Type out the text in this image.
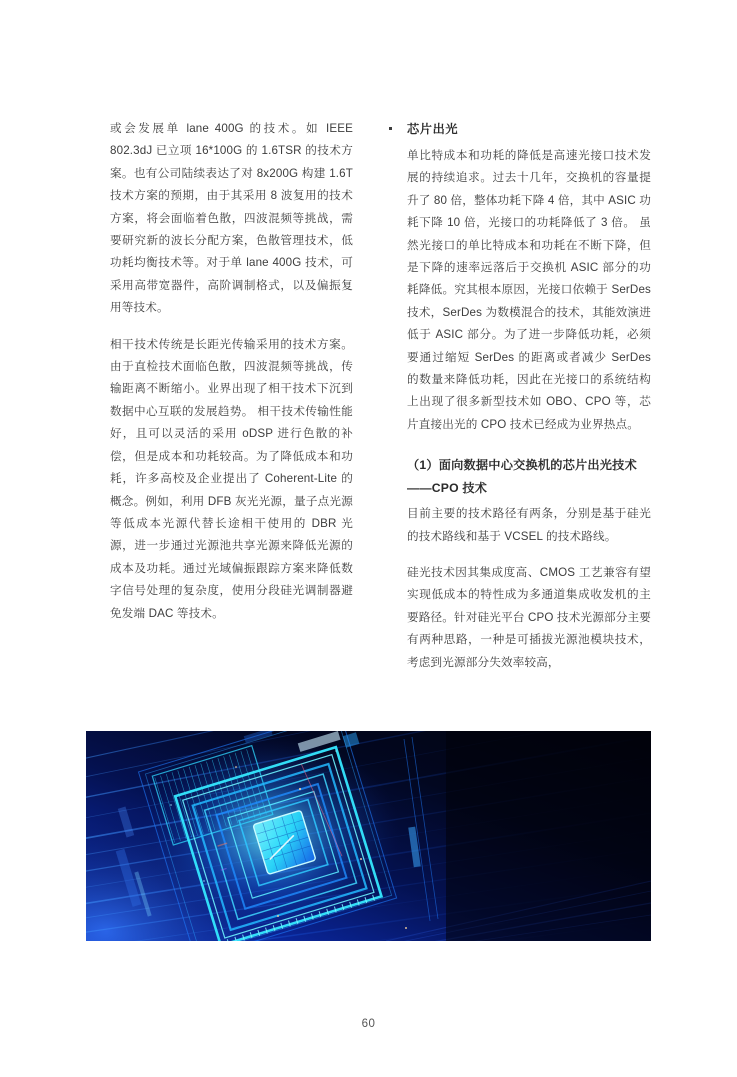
或会发展单 lane 400G 的技术。如 IEEE 802.3dJ 已立项 16*100G 的 1.6TSR 的技术方案。也有公司陆续表达了对 8x200G 构建 1.6T 技术方案的预期，由于其采用 8 波复用的技术方案，将会面临着色散，四波混频等挑战，需要研究新的波长分配方案，色散管理技术，低功耗均衡技术等。对于单 lane 400G 技术，可采用高带宽器件，高阶调制格式，以及偏振复用等技术。

相干技术传统是长距光传输采用的技术方案。由于直检技术面临色散，四波混频等挑战，传输距离不断缩小。业界出现了相干技术下沉到数据中心互联的发展趋势。 相干技术传输性能好，且可以灵活的采用 oDSP 进行色散的补偿，但是成本和功耗较高。为了降低成本和功耗，许多高校及企业提出了 Coherent-Lite 的概念。例如，利用 DFB 灰光光源，量子点光源等低成本光源代替长途相干使用的 DBR 光源，进一步通过光源池共享光源来降低光源的成本及功耗。通过光域偏振跟踪方案来降低数字信号处理的复杂度，使用分段硅光调制器避免发端 DAC 等技术。

芯片出光

单比特成本和功耗的降低是高速光接口技术发展的持续追求。过去十几年，交换机的容量提升了 80 倍，整体功耗下降 4 倍，其中 ASIC 功耗下降 10 倍，光接口的功耗降低了 3 倍。 虽然光接口的单比特成本和功耗在不断下降，但是下降的速率远落后于交换机 ASIC 部分的功耗降低。究其根本原因，光接口依赖于 SerDes 技术，SerDes 为数模混合的技术，其能效演进低于 ASIC 部分。为了进一步降低功耗，必须要通过缩短 SerDes 的距离或者减少 SerDes 的数量来降低功耗，因此在光接口的系统结构上出现了很多新型技术如 OBO、CPO 等，芯片直接出光的 CPO 技术已经成为业界热点。

（1）面向数据中心交换机的芯片出光技术——CPO 技术

目前主要的技术路径有两条，分别是基于硅光的技术路线和基于 VCSEL 的技术路线。

硅光技术因其集成度高、CMOS 工艺兼容有望实现低成本的特性成为多通道集成收发机的主要路径。针对硅光平台 CPO 技术光源部分主要有两种思路，一种是可插拔光源池模块技术，考虑到光源部分失效率较高，

60
